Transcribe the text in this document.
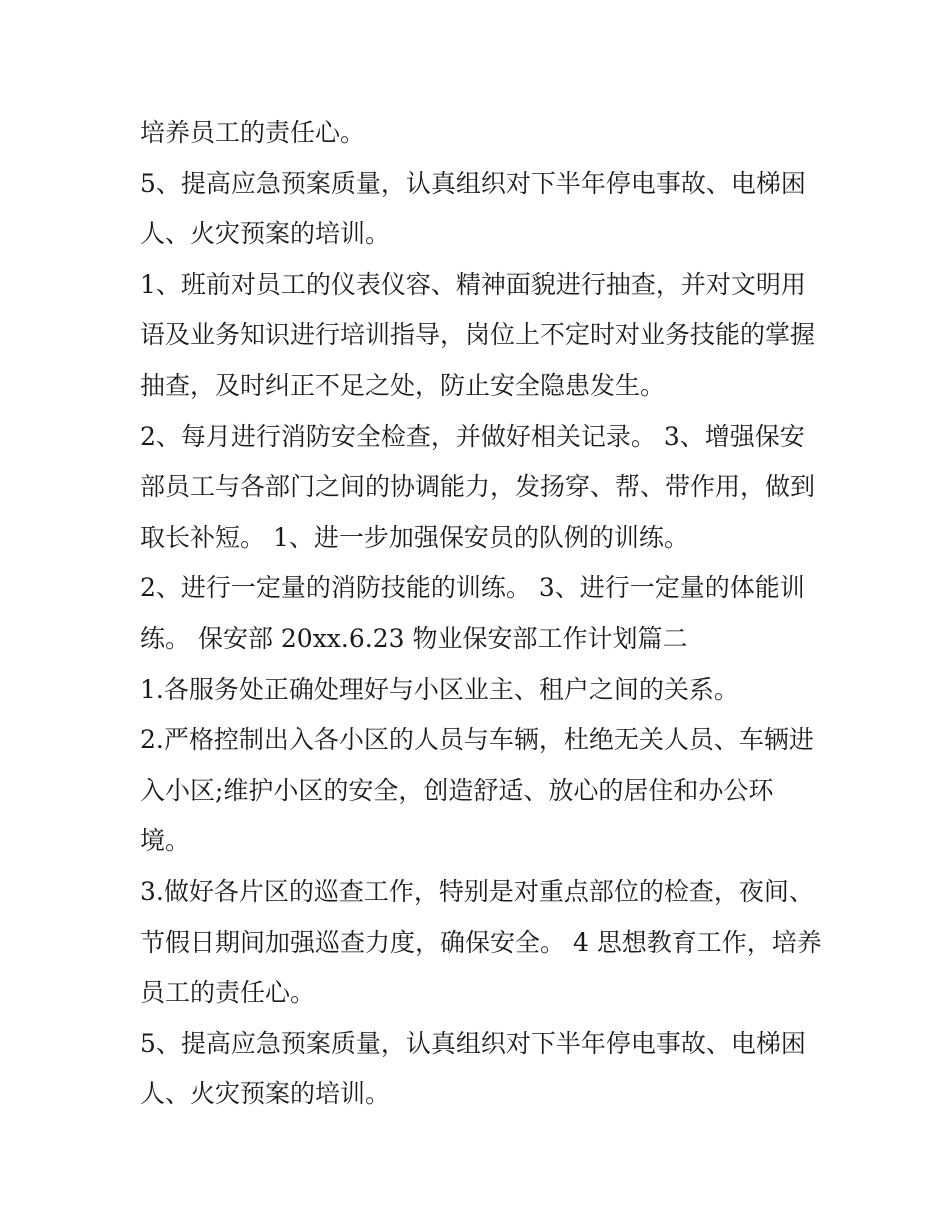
培养员工的责任心。
5、提高应急预案质量，认真组织对下半年停电事故、电梯困
人、火灾预案的培训。
1、班前对员工的仪表仪容、精神面貌进行抽查，并对文明用
语及业务知识进行培训指导，岗位上不定时对业务技能的掌握
抽查，及时纠正不足之处，防止安全隐患发生。
2、每月进行消防安全检查，并做好相关记录。 3、增强保安
部员工与各部门之间的协调能力，发扬穿、帮、带作用，做到
取长补短。 1、进一步加强保安员的队例的训练。
2、进行一定量的消防技能的训练。 3、进行一定量的体能训
练。 保安部 20xx.6.23 物业保安部工作计划篇二
1.各服务处正确处理好与小区业主、租户之间的关系。
2.严格控制出入各小区的人员与车辆，杜绝无关人员、车辆进
入小区;维护小区的安全，创造舒适、放心的居住和办公环
境。
3.做好各片区的巡查工作，特别是对重点部位的检查，夜间、
节假日期间加强巡查力度，确保安全。 4 思想教育工作，培养
员工的责任心。
5、提高应急预案质量，认真组织对下半年停电事故、电梯困
人、火灾预案的培训。
